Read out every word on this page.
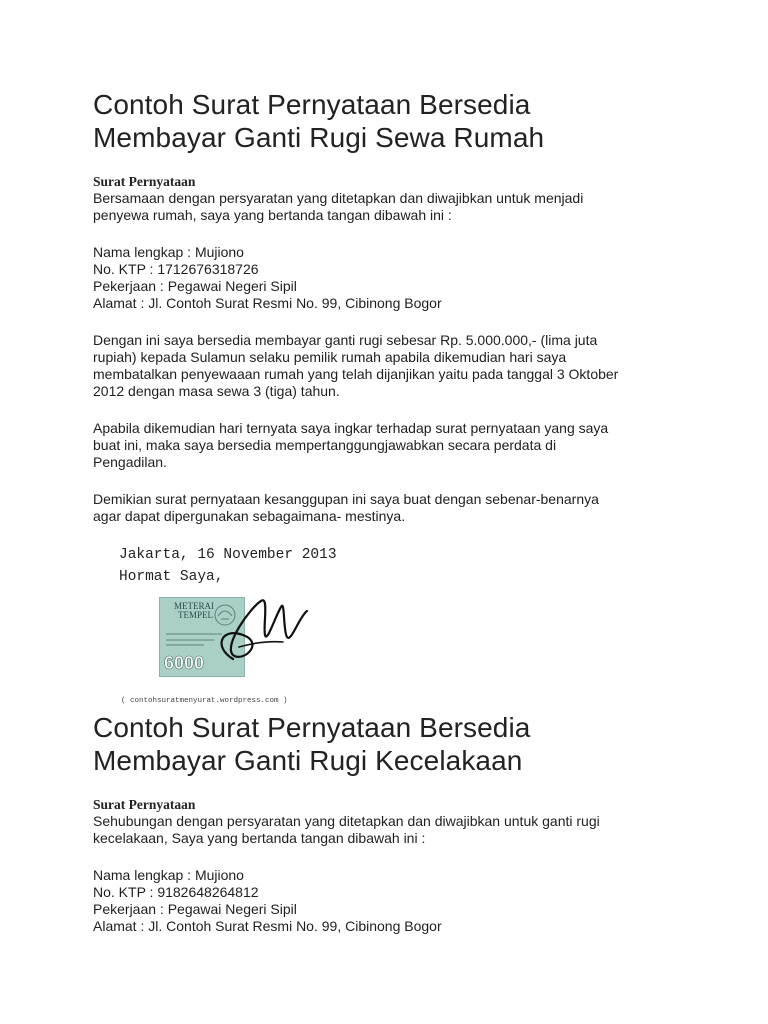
Contoh Surat Pernyataan Bersedia
Membayar Ganti Rugi Sewa Rumah
Surat Pernyataan

Bersamaan dengan persyaratan yang ditetapkan dan diwajibkan untuk menjadi
penyewa rumah, saya yang bertanda tangan dibawah ini :

Nama lengkap : Mujiono
No. KTP : 1712676318726
Pekerjaan : Pegawai Negeri Sipil
Alamat : Jl. Contoh Surat Resmi No. 99, Cibinong Bogor

Dengan ini saya bersedia membayar ganti rugi sebesar Rp. 5.000.000,- (lima juta
rupiah) kepada Sulamun selaku pemilik rumah apabila dikemudian hari saya
membatalkan penyewaaan rumah yang telah dijanjikan yaitu pada tanggal 3 Oktober
2012 dengan masa sewa 3 (tiga) tahun.

Apabila dikemudian hari ternyata saya ingkar terhadap surat pernyataan yang saya
buat ini, maka saya bersedia mempertanggungjawabkan secara perdata di
Pengadilan.

Demikian surat pernyataan kesanggupan ini saya buat dengan sebenar-benarnya
agar dapat dipergunakan sebagaimana- mestinya.

Jakarta, 16 November 2013
Hormat Saya,
METERAI
TEMPEL
6000
( contohsuratmenyurat.wordpress.com )
Contoh Surat Pernyataan Bersedia
Membayar Ganti Rugi Kecelakaan
Surat Pernyataan

Sehubungan dengan persyaratan yang ditetapkan dan diwajibkan untuk ganti rugi
kecelakaan, Saya yang bertanda tangan dibawah ini :

Nama lengkap : Mujiono
No. KTP : 9182648264812
Pekerjaan : Pegawai Negeri Sipil
Alamat : Jl. Contoh Surat Resmi No. 99, Cibinong Bogor
